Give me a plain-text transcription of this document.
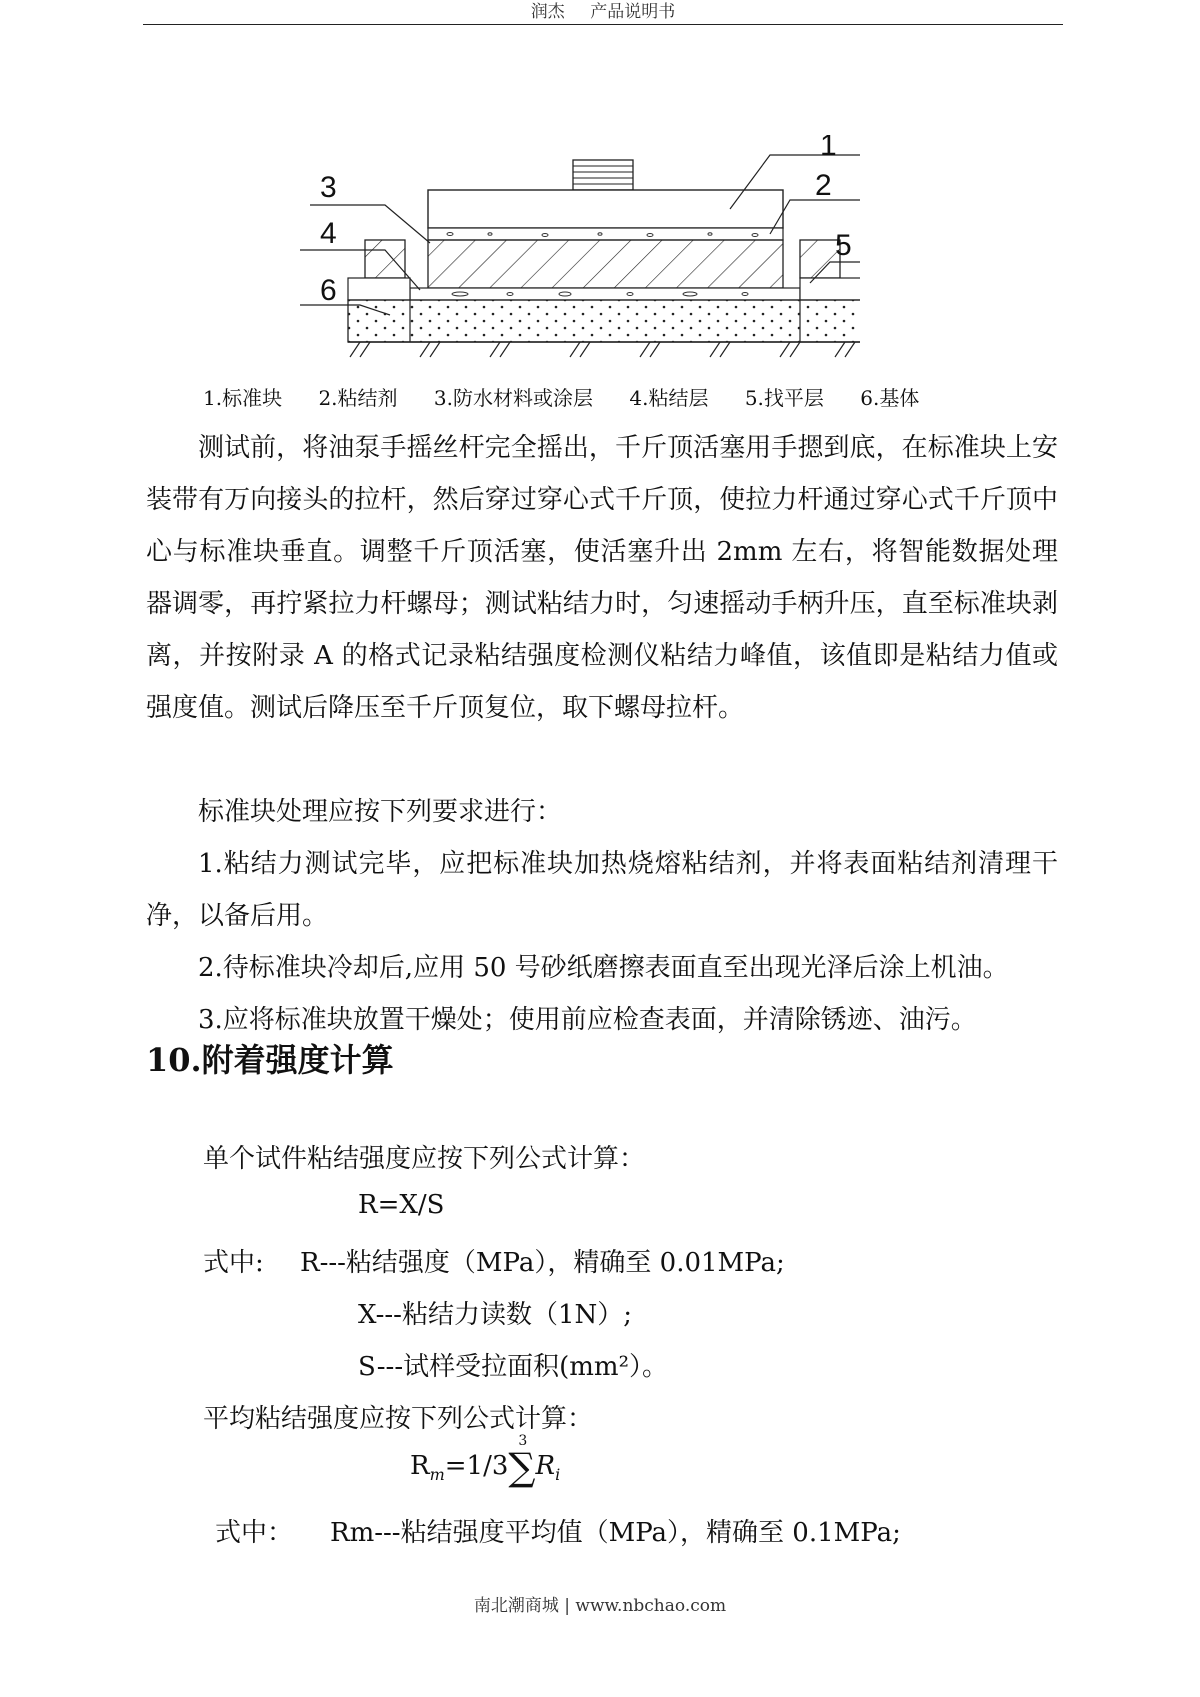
润杰 产品说明书
1
2
3
4	5
6
1.标准块 2.粘结剂 3.防水材料或涂层 4.粘结层 5.找平层 6.基体
测试前，将油泵手摇丝杆完全摇出，千斤顶活塞用手摁到底，在标准块上安装带有万向接头的拉杆，然后穿过穿心式千斤顶，使拉力杆通过穿心式千斤顶中心与标准块垂直。调整千斤顶活塞，使活塞升出 2mm 左右，将智能数据处理器调零，再拧紧拉力杆螺母；测试粘结力时，匀速摇动手柄升压，直至标准块剥离，并按附录 A 的格式记录粘结强度检测仪粘结力峰值，该值即是粘结力值或强度值。测试后降压至千斤顶复位，取下螺母拉杆。
标准块处理应按下列要求进行：
1.粘结力测试完毕，应把标准块加热烧熔粘结剂，并将表面粘结剂清理干净，以备后用。
2.待标准块冷却后,应用 50 号砂纸磨擦表面直至出现光泽后涂上机油。
3.应将标准块放置干燥处；使用前应检查表面，并清除锈迹、油污。
10.附着强度计算
单个试件粘结强度应按下列公式计算：
R=X/S
式中: R---粘结强度（MPa），精确至 0.01MPa;
X---粘结力读数（1N）;
S---试样受拉面积(mm²）。
平均粘结强度应按下列公式计算：
$R_m=1/3\sum$
3
$R_i$
式中： Rm---粘结强度平均值（MPa），精确至 0.1MPa;
南北潮商城 | www.nbchao.com
